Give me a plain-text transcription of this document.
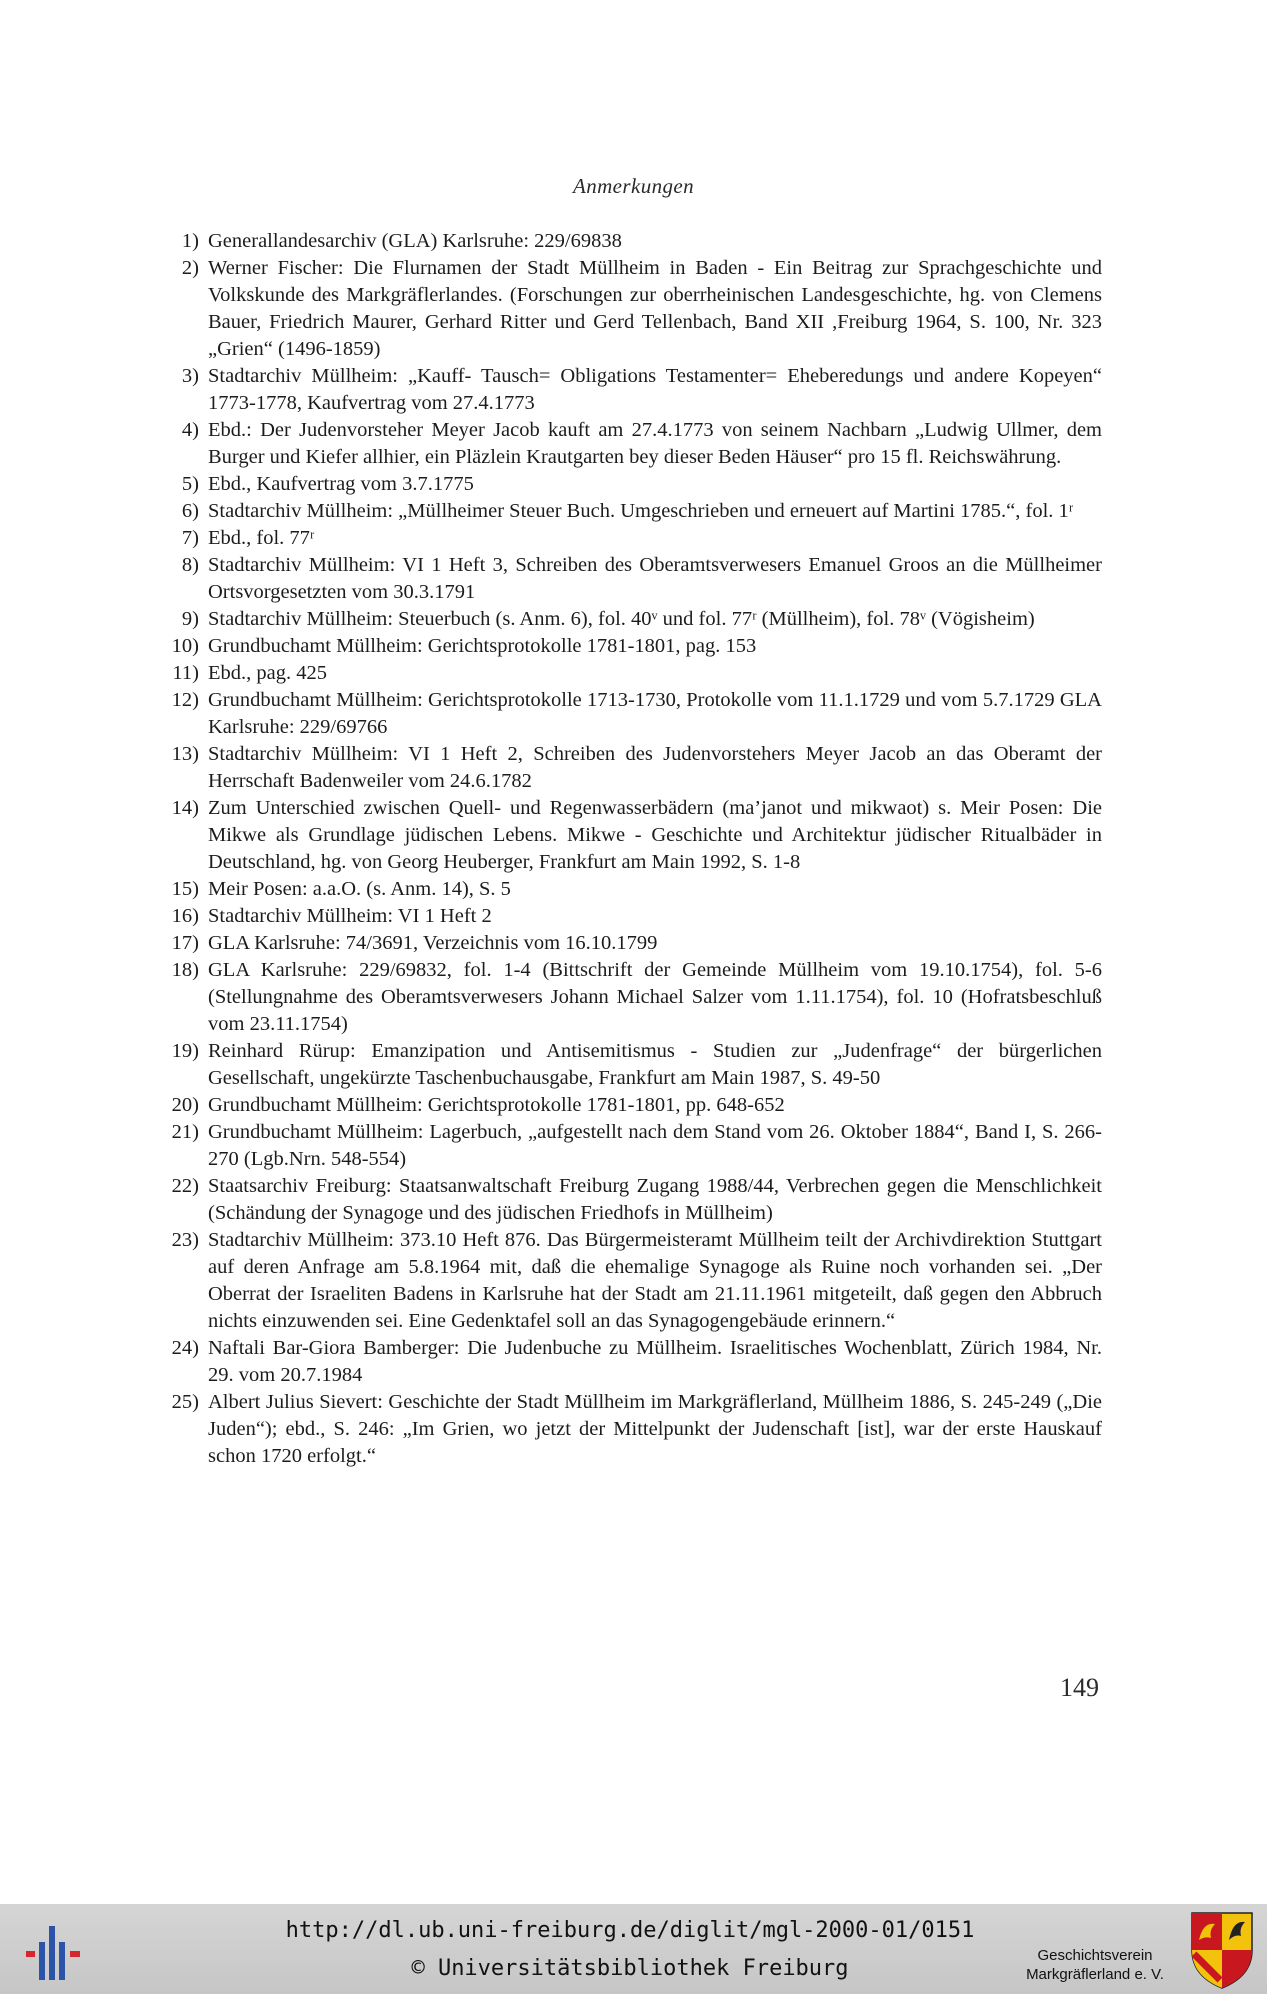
Anmerkungen
1) Generallandesarchiv (GLA) Karlsruhe: 229/69838
2) Werner Fischer: Die Flurnamen der Stadt Müllheim in Baden - Ein Beitrag zur Sprachgeschichte und Volkskunde des Markgräflerlandes. (Forschungen zur oberrheinischen Landesgeschichte, hg. von Clemens Bauer, Friedrich Maurer, Gerhard Ritter und Gerd Tellenbach, Band XII ,Freiburg 1964, S. 100, Nr. 323 „Grien“ (1496-1859)
3) Stadtarchiv Müllheim: „Kauff- Tausch= Obligations Testamenter= Eheberedungs und andere Kopeyen“ 1773-1778, Kaufvertrag vom 27.4.1773
4) Ebd.: Der Judenvorsteher Meyer Jacob kauft am 27.4.1773 von seinem Nachbarn „Ludwig Ullmer, dem Burger und Kiefer allhier, ein Pläzlein Krautgarten bey dieser Beden Häuser“ pro 15 fl. Reichswährung.
5) Ebd., Kaufvertrag vom 3.7.1775
6) Stadtarchiv Müllheim: „Müllheimer Steuer Buch. Umgeschrieben und erneuert auf Martini 1785.“, fol. 1ʳ
7) Ebd., fol. 77ʳ
8) Stadtarchiv Müllheim: VI 1 Heft 3, Schreiben des Oberamtsverwesers Emanuel Groos an die Müllheimer Ortsvorgesetzten vom 30.3.1791
9) Stadtarchiv Müllheim: Steuerbuch (s. Anm. 6), fol. 40ᵛ und fol. 77ʳ (Müllheim), fol. 78ᵛ (Vögisheim)
10) Grundbuchamt Müllheim: Gerichtsprotokolle 1781-1801, pag. 153
11) Ebd., pag. 425
12) Grundbuchamt Müllheim: Gerichtsprotokolle 1713-1730, Protokolle vom 11.1.1729 und vom 5.7.1729 GLA Karlsruhe: 229/69766
13) Stadtarchiv Müllheim: VI 1 Heft 2, Schreiben des Judenvorstehers Meyer Jacob an das Oberamt der Herrschaft Badenweiler vom 24.6.1782
14) Zum Unterschied zwischen Quell- und Regenwasserbädern (ma’janot und mikwaot) s. Meir Posen: Die Mikwe als Grundlage jüdischen Lebens. Mikwe - Geschichte und Architektur jüdischer Ritualbäder in Deutschland, hg. von Georg Heuberger, Frankfurt am Main 1992, S. 1-8
15) Meir Posen: a.a.O. (s. Anm. 14), S. 5
16) Stadtarchiv Müllheim: VI 1 Heft 2
17) GLA Karlsruhe: 74/3691, Verzeichnis vom 16.10.1799
18) GLA Karlsruhe: 229/69832, fol. 1-4 (Bittschrift der Gemeinde Müllheim vom 19.10.1754), fol. 5-6 (Stellungnahme des Oberamtsverwesers Johann Michael Salzer vom 1.11.1754), fol. 10 (Hofratsbeschluß vom 23.11.1754)
19) Reinhard Rürup: Emanzipation und Antisemitismus - Studien zur „Judenfrage“ der bürgerlichen Gesellschaft, ungekürzte Taschenbuchausgabe, Frankfurt am Main 1987, S. 49-50
20) Grundbuchamt Müllheim: Gerichtsprotokolle 1781-1801, pp. 648-652
21) Grundbuchamt Müllheim: Lagerbuch, „aufgestellt nach dem Stand vom 26. Oktober 1884“, Band I, S. 266-270 (Lgb.Nrn. 548-554)
22) Staatsarchiv Freiburg: Staatsanwaltschaft Freiburg Zugang 1988/44, Verbrechen gegen die Menschlichkeit (Schändung der Synagoge und des jüdischen Friedhofs in Müllheim)
23) Stadtarchiv Müllheim: 373.10 Heft 876. Das Bürgermeisteramt Müllheim teilt der Archivdirektion Stuttgart auf deren Anfrage am 5.8.1964 mit, daß die ehemalige Synagoge als Ruine noch vorhanden sei. „Der Oberrat der Israeliten Badens in Karlsruhe hat der Stadt am 21.11.1961 mitgeteilt, daß gegen den Abbruch nichts einzuwenden sei. Eine Gedenktafel soll an das Synagogengebäude erinnern.“
24) Naftali Bar-Giora Bamberger: Die Judenbuche zu Müllheim. Israelitisches Wochenblatt, Zürich 1984, Nr. 29. vom 20.7.1984
25) Albert Julius Sievert: Geschichte der Stadt Müllheim im Markgräflerland, Müllheim 1886, S. 245-249 („Die Juden“); ebd., S. 246: „Im Grien, wo jetzt der Mittelpunkt der Judenschaft [ist], war der erste Hauskauf schon 1720 erfolgt.“
149
http://dl.ub.uni-freiburg.de/diglit/mgl-2000-01/0151
© Universitätsbibliothek Freiburg
Geschichtsverein
Markgräflerland e. V.
